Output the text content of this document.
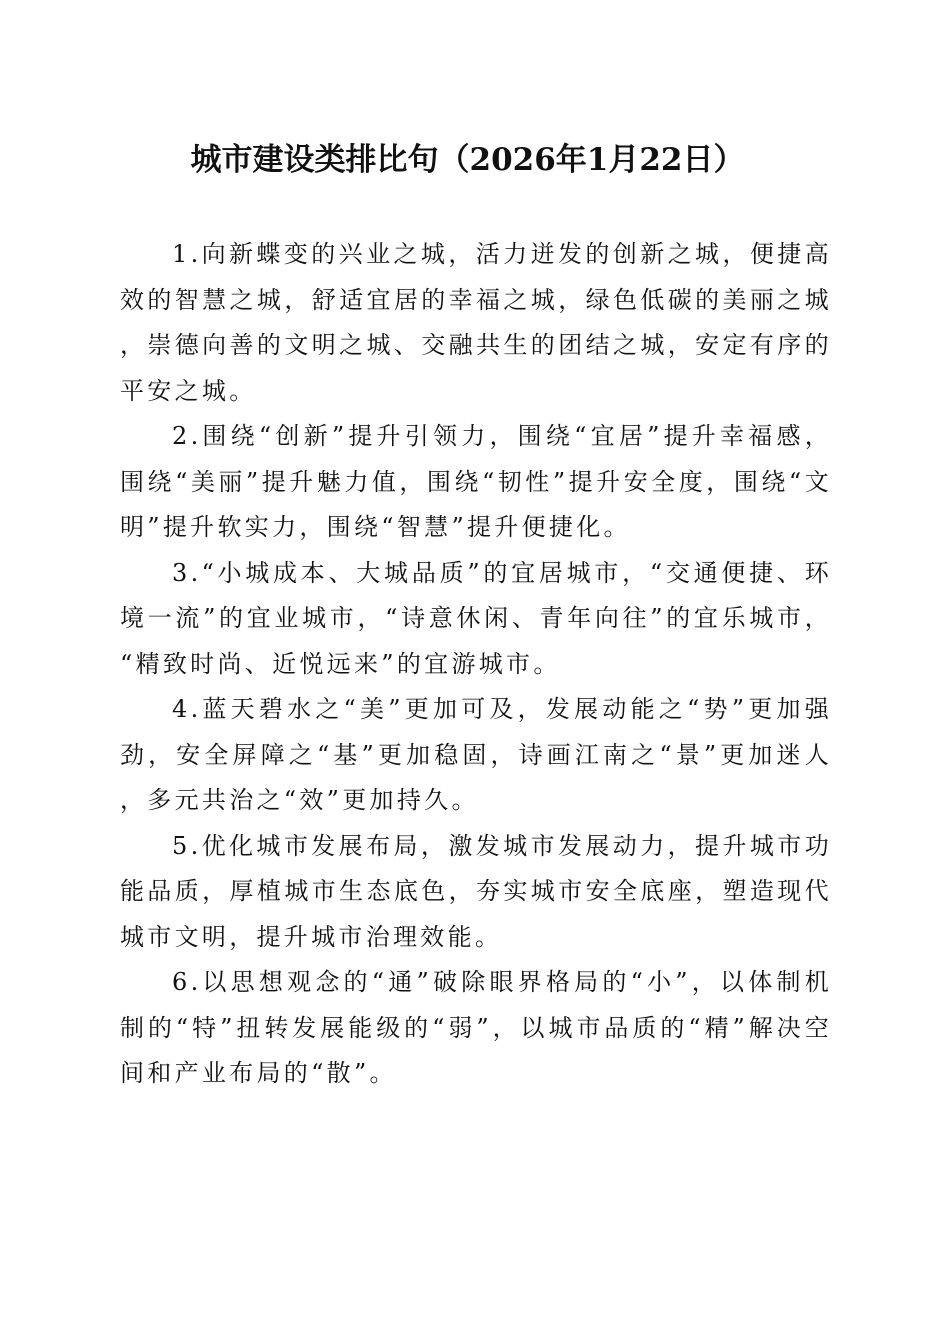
城市建设类排比句（2026年1月22日）

1.向新蝶变的兴业之城，活力迸发的创新之城，便捷高效的智慧之城，舒适宜居的幸福之城，绿色低碳的美丽之城，崇德向善的文明之城、交融共生的团结之城，安定有序的平安之城。

2.围绕“创新”提升引领力，围绕“宜居”提升幸福感，围绕“美丽”提升魅力值，围绕“韧性”提升安全度，围绕“文明”提升软实力，围绕“智慧”提升便捷化。

3.“小城成本、大城品质”的宜居城市，“交通便捷、环境一流”的宜业城市，“诗意休闲、青年向往”的宜乐城市，“精致时尚、近悦远来”的宜游城市。

4.蓝天碧水之“美”更加可及，发展动能之“势”更加强劲，安全屏障之“基”更加稳固，诗画江南之“景”更加迷人，多元共治之“效”更加持久。

5.优化城市发展布局，激发城市发展动力，提升城市功能品质，厚植城市生态底色，夯实城市安全底座，塑造现代城市文明，提升城市治理效能。

6.以思想观念的“通”破除眼界格局的“小”，以体制机制的“特”扭转发展能级的“弱”，以城市品质的“精”解决空间和产业布局的“散”。
